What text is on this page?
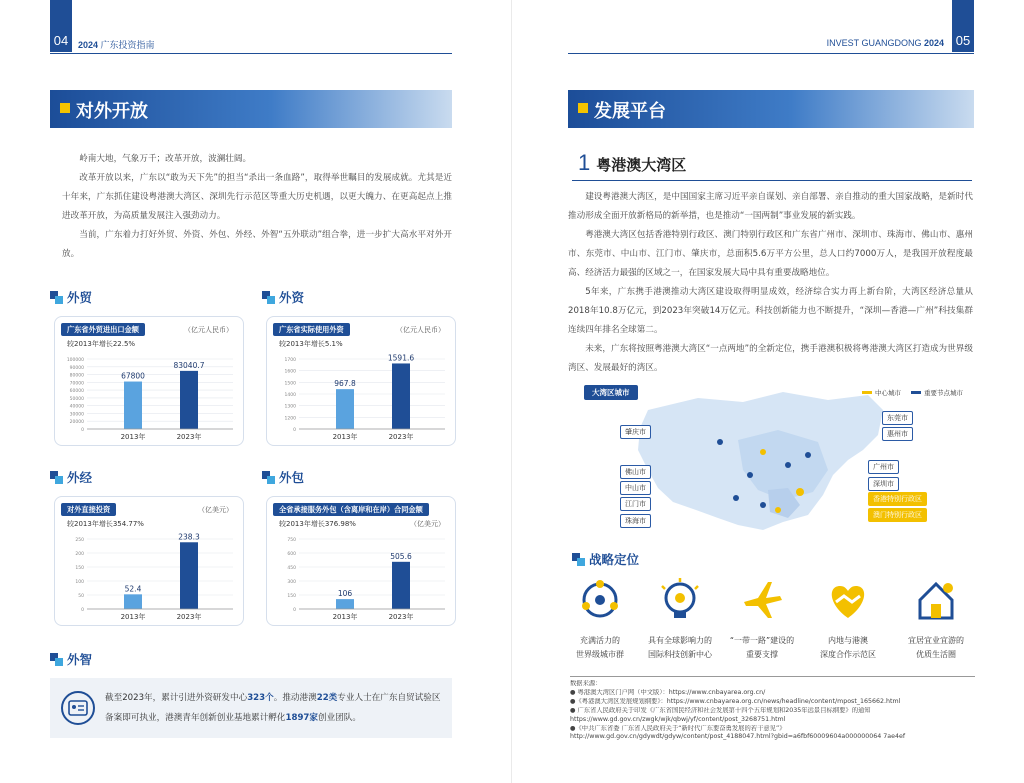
04	2024 广东投资指南
对外开放

岭南大地，气象万千；改革开放，波澜壮阔。

改革开放以来，广东以“敢为天下先”的担当“杀出一条血路”，取得举世瞩目的发展成就。尤其是近十年来，广东抓住建设粤港澳大湾区、深圳先行示范区等重大历史机遇，以更大魄力、在更高起点上推进改革开放，为高质量发展注入强劲动力。

当前，广东着力打好外贸、外资、外包、外经、外智“五外联动”组合拳，进一步扩大高水平对外开放。

外贸
100000
90000
80000
70000
60000
50000
40000
30000
20000
0
67800
2013年
83040.7
2023年
广东省外贸进出口金额	（亿元人民币）
较2013年增长22.5%
外资
1700
1600
1500
1400
1300
1200
0
967.8
2013年
1591.6
2023年
广东省实际使用外资	（亿元人民币）
较2013年增长5.1%
外经
250
200
150
100
50
0
52.4
2013年
238.3
2023年
对外直接投资	（亿美元）
较2013年增长354.77%
外包
750
600
450
300
150
0
106
2013年
505.6
2023年
全省承接服务外包（含离岸和在岸）合同金额
（亿美元）
较2013年增长376.98%
外智
截至2023年，累计引进外资研发中心323个。推动港澳22类专业人士在广东自贸试验区备案即可执业，港澳青年创新创业基地累计孵化1897家创业团队。
05
INVEST GUANGDONG 2024
发展平台
1 粤港澳大湾区

建设粤港澳大湾区，是中国国家主席习近平亲自谋划、亲自部署、亲自推动的重大国家战略，是新时代推动形成全面开放新格局的新举措，也是推动“一国两制”事业发展的新实践。

粤港澳大湾区包括香港特别行政区、澳门特别行政区和广东省广州市、深圳市、珠海市、佛山市、惠州市、东莞市、中山市、江门市、肇庆市，总面积5.6万平方公里，总人口约7000万人，是我国开放程度最高、经济活力最强的区域之一，在国家发展大局中具有重要战略地位。

5年来，广东携手港澳推动大湾区建设取得明显成效，经济综合实力再上新台阶，大湾区经济总量从2018年10.8万亿元，到2023年突破14万亿元。科技创新能力也不断提升，“深圳—香港—广州”科技集群连续四年排名全球第二。

未来，广东将按照粤港澳大湾区“一点两地”的全新定位，携手港澳积极将粤港澳大湾区打造成为世界级湾区、发展最好的湾区。

大湾区城市	中心城市	重要节点城市
肇庆市
佛山市
中山市
江门市
珠海市
东莞市
惠州市
广州市
深圳市
香港特别行政区
澳门特别行政区
战略定位
充满活力的
世界级城市群
具有全球影响力的
国际科技创新中心
“一带一路”建设的
重要支撑
内地与港澳
深度合作示范区
宜居宜业宜游的
优质生活圈
数据来源：
● 粤港澳大湾区门户网（中文版）：https://www.cnbayarea.org.cn/
●《粤港澳大湾区发展规划纲要》：https://www.cnbayarea.org.cn/news/headline/content/mpost_165662.html
● 广东省人民政府关于印发《广东省国民经济和社会发展第十四个五年规划和2035年远景目标纲要》的通知
https://www.gd.gov.cn/zwgk/wjk/qbwj/yf/content/post_3268751.html
●《中共广东省委 广东省人民政府关于“新时代广东要奋勇发展的若干意见”》
http://www.gd.gov.cn/gdywdt/gdyw/content/post_4188047.html?gbid=a6fbf60009604a000000064 7ae4ef
